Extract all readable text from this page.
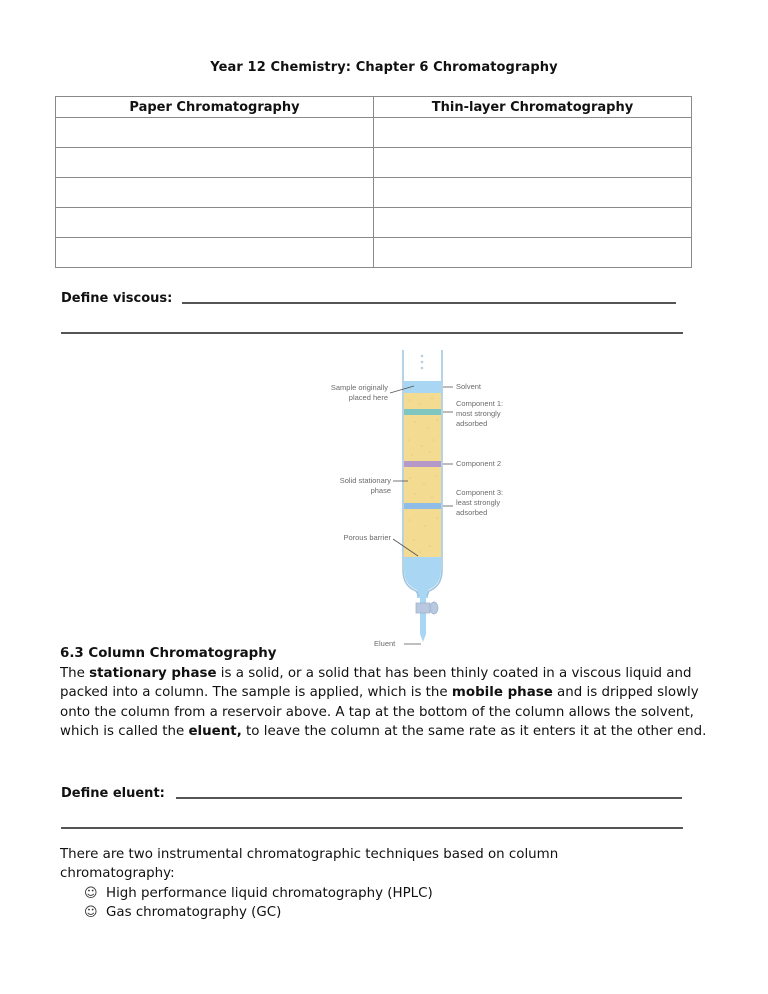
Year 12 Chemistry: Chapter 6 Chromatography
Paper Chromatography	Thin-layer Chromatography

Define viscous:
Sample originally
placed here
Solvent
Component 1:
most strongly
adsorbed
Component 2
Solid stationary
phase	Component 3:
least strongly
adsorbed
Porous barrier
Eluent
6.3 Column Chromatography
The stationary phase is a solid, or a solid that has been thinly coated in a viscous liquid and packed into a column. The sample is applied, which is the mobile phase and is dripped slowly onto the column from a reservoir above. A tap at the bottom of the column allows the solvent, which is called the eluent, to leave the column at the same rate as it enters it at the other end.
Define eluent:
There are two instrumental chromatographic techniques based on column chromatography:
☺ High performance liquid chromatography (HPLC)
☺ Gas chromatography (GC)
